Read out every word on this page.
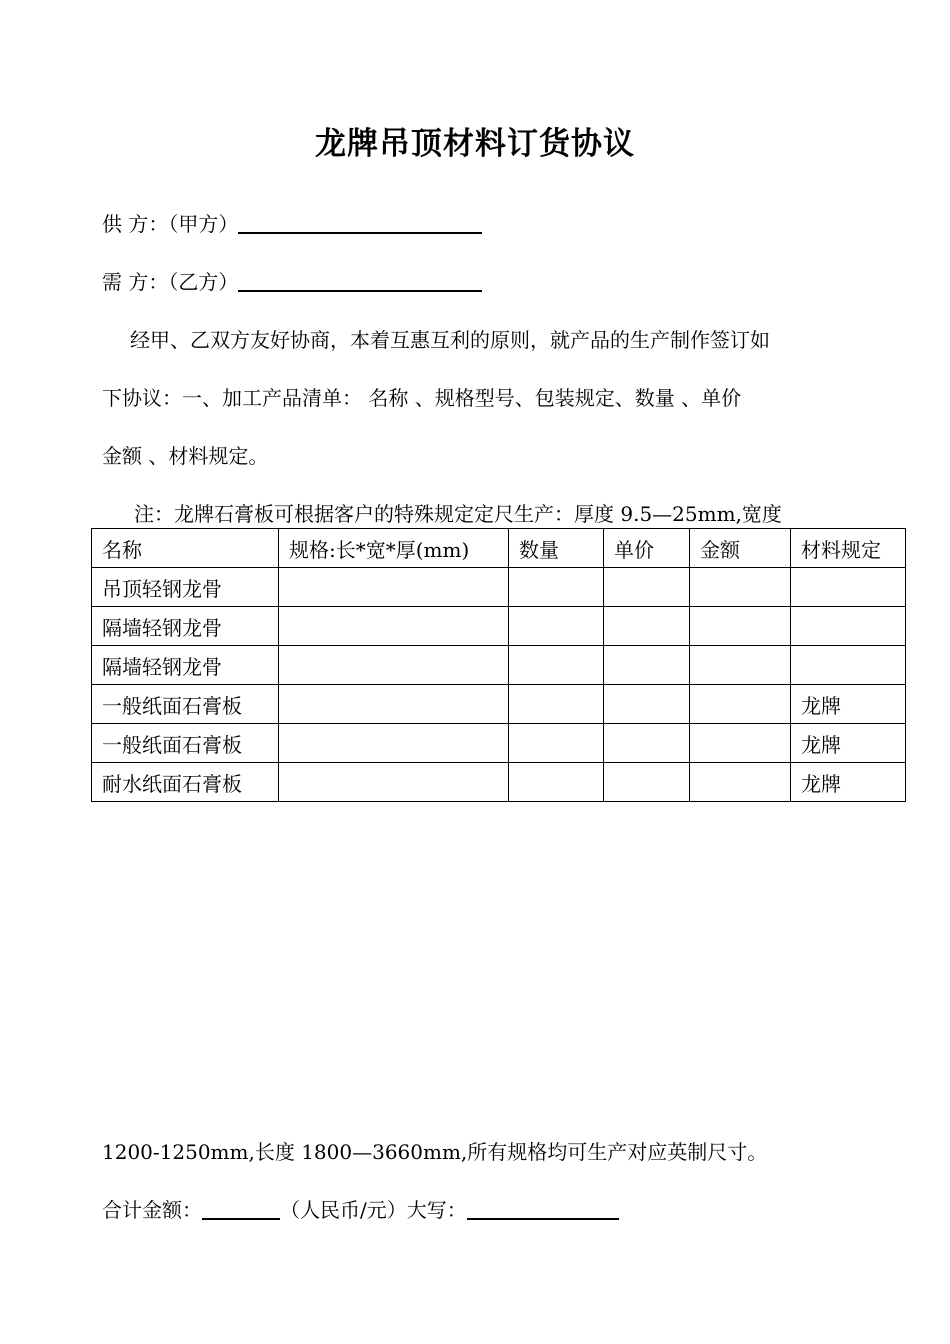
龙牌吊顶材料订货协议
供 方：（甲方）
需 方：（乙方）
经甲、乙双方友好协商，本着互惠互利的原则，就产品的生产制作签订如
下协议：一、加工产品清单： 名称 、规格型号、包装规定、数量 、单价
金额 、材料规定。
注：龙牌石膏板可根据客户的特殊规定定尺生产：厚度 9.5—25mm,宽度
名称	规格:长*宽*厚(mm)	数量	单价	金额	材料规定
吊顶轻钢龙骨					
隔墙轻钢龙骨					
隔墙轻钢龙骨					
一般纸面石膏板					龙牌
一般纸面石膏板					龙牌
耐水纸面石膏板					龙牌
1200-1250mm,长度 1800—3660mm,所有规格均可生产对应英制尺寸。
合计金额：	（人民币/元）大写：
